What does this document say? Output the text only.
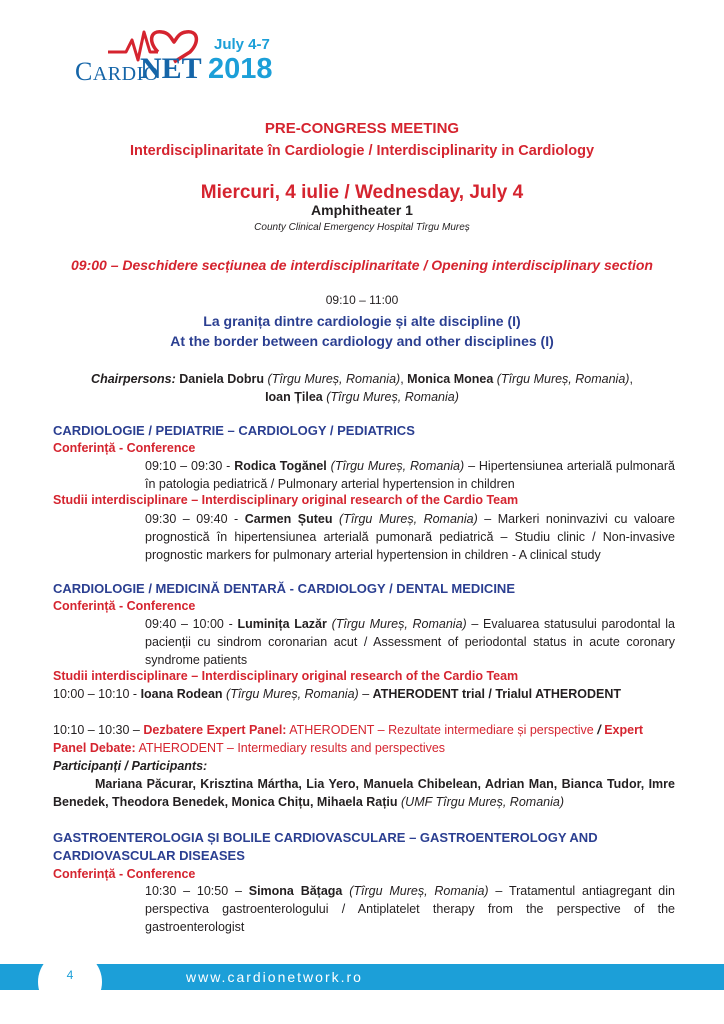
CARDIO
NET
July 4-7
2018
PRE-CONGRESS MEETING
Interdisciplinaritate în Cardiologie / Interdisciplinarity in Cardiology
Miercuri, 4 iulie / Wednesday, July 4
Amphitheater 1
County Clinical Emergency Hospital Tîrgu Mureș
09:00 – Deschidere secțiunea de interdisciplinaritate / Opening interdisciplinary section
09:10 – 11:00
La granița dintre cardiologie și alte discipline (I)
At the border between cardiology and other disciplines (I)
Chairpersons: Daniela Dobru (Tîrgu Mureș, Romania), Monica Monea (Tîrgu Mureș, Romania),
Ioan Țilea (Tîrgu Mureș, Romania)
CARDIOLOGIE / PEDIATRIE – CARDIOLOGY / PEDIATRICS
Conferință - Conference
09:10 – 09:30 - Rodica Togănel (Tîrgu Mureș, Romania) – Hipertensiunea arterială pulmonară în patologia pediatrică / Pulmonary arterial hypertension in children
Studii interdisciplinare – Interdisciplinary original research of the Cardio Team
09:30 – 09:40 - Carmen Șuteu (Tîrgu Mureș, Romania) – Markeri noninvazivi cu valoare prognostică în hipertensiunea arterială pumonară pediatrică – Studiu clinic / Non-invasive prognostic markers for pulmonary arterial hypertension in children - A clinical study
CARDIOLOGIE / MEDICINĂ DENTARĂ - CARDIOLOGY / DENTAL MEDICINE
Conferință - Conference
09:40 – 10:00 - Luminița Lazăr (Tîrgu Mureș, Romania) – Evaluarea statusului parodontal la pacienții cu sindrom coronarian acut / Assessment of periodontal status in acute coronary syndrome patients
Studii interdisciplinare – Interdisciplinary original research of the Cardio Team
10:00 – 10:10 - Ioana Rodean (Tîrgu Mureș, Romania) – ATHERODENT trial / Trialul ATHERODENT
10:10 – 10:30 – Dezbatere Expert Panel: ATHERODENT – Rezultate intermediare și perspective / Expert Panel Debate: ATHERODENT – Intermediary results and perspectives
Participanți / Participants:
Mariana Păcurar, Krisztina Mártha, Lia Yero, Manuela Chibelean, Adrian Man, Bianca Tudor, Imre Benedek, Theodora Benedek, Monica Chițu, Mihaela Rațiu (UMF Tîrgu Mureș, Romania)
GASTROENTEROLOGIA ȘI BOLILE CARDIOVASCULARE – GASTROENTEROLOGY AND CARDIOVASCULAR DISEASES
Conferință - Conference
10:30 – 10:50 – Simona Bățaga (Tîrgu Mureș, Romania) – Tratamentul antiagregant din perspectiva gastroenterologului / Antiplatelet therapy from the perspective of the gastroenterologist
4	www.cardionetwork.ro
